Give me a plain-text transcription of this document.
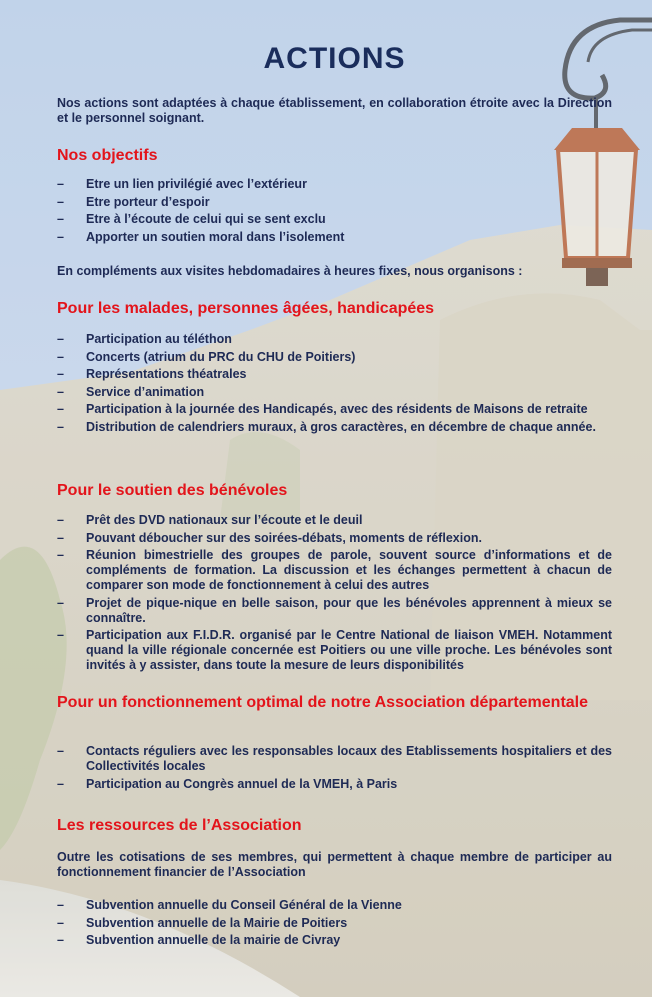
ACTIONS

Nos actions sont adaptées à chaque établissement, en collaboration étroite avec la Direction et le personnel soignant.

Nos objectifs
– Etre un lien privilégié avec l’extérieur
– Etre porteur d’espoir
– Etre à l’écoute de celui qui se sent exclu
– Apporter un soutien moral dans l’isolement

En compléments aux visites hebdomadaires à heures fixes, nous organisons :

Pour les malades, personnes âgées, handicapées
– Participation au téléthon
– Concerts (atrium du PRC du CHU de Poitiers)
– Représentations théatrales
– Service d’animation
– Participation à la journée des Handicapés, avec des résidents de Maisons de retraite
– Distribution de calendriers muraux, à gros caractères, en décembre de chaque année.
Pour le soutien des bénévoles
– Prêt des DVD nationaux sur l’écoute et le deuil
– Pouvant déboucher sur des soirées-débats, moments de réflexion.
– Réunion bimestrielle des groupes de parole, souvent source d’informations et de compléments de formation. La discussion et les échanges permettent à chacun de comparer son mode de fonctionnement à celui des autres
– Projet de pique-nique en belle saison, pour que les bénévoles apprennent à mieux se connaître.
– Participation aux F.I.D.R. organisé par le Centre National de liaison VMEH. Notamment quand la ville régionale concernée est Poitiers ou une ville proche. Les bénévoles sont invités à y assister, dans toute la mesure de leurs disponibilités
Pour un fonctionnement optimal de notre Association départementale
– Contacts réguliers avec les responsables locaux des Etablissements hospitaliers et des Collectivités locales
– Participation au Congrès annuel de la VMEH, à Paris
Les ressources de l’Association

Outre les cotisations de ses membres, qui permettent à chaque membre de participer au fonctionnement financier de l’Association

– Subvention annuelle du Conseil Général de la Vienne
– Subvention annuelle de la Mairie de Poitiers
– Subvention annuelle de la mairie de Civray
